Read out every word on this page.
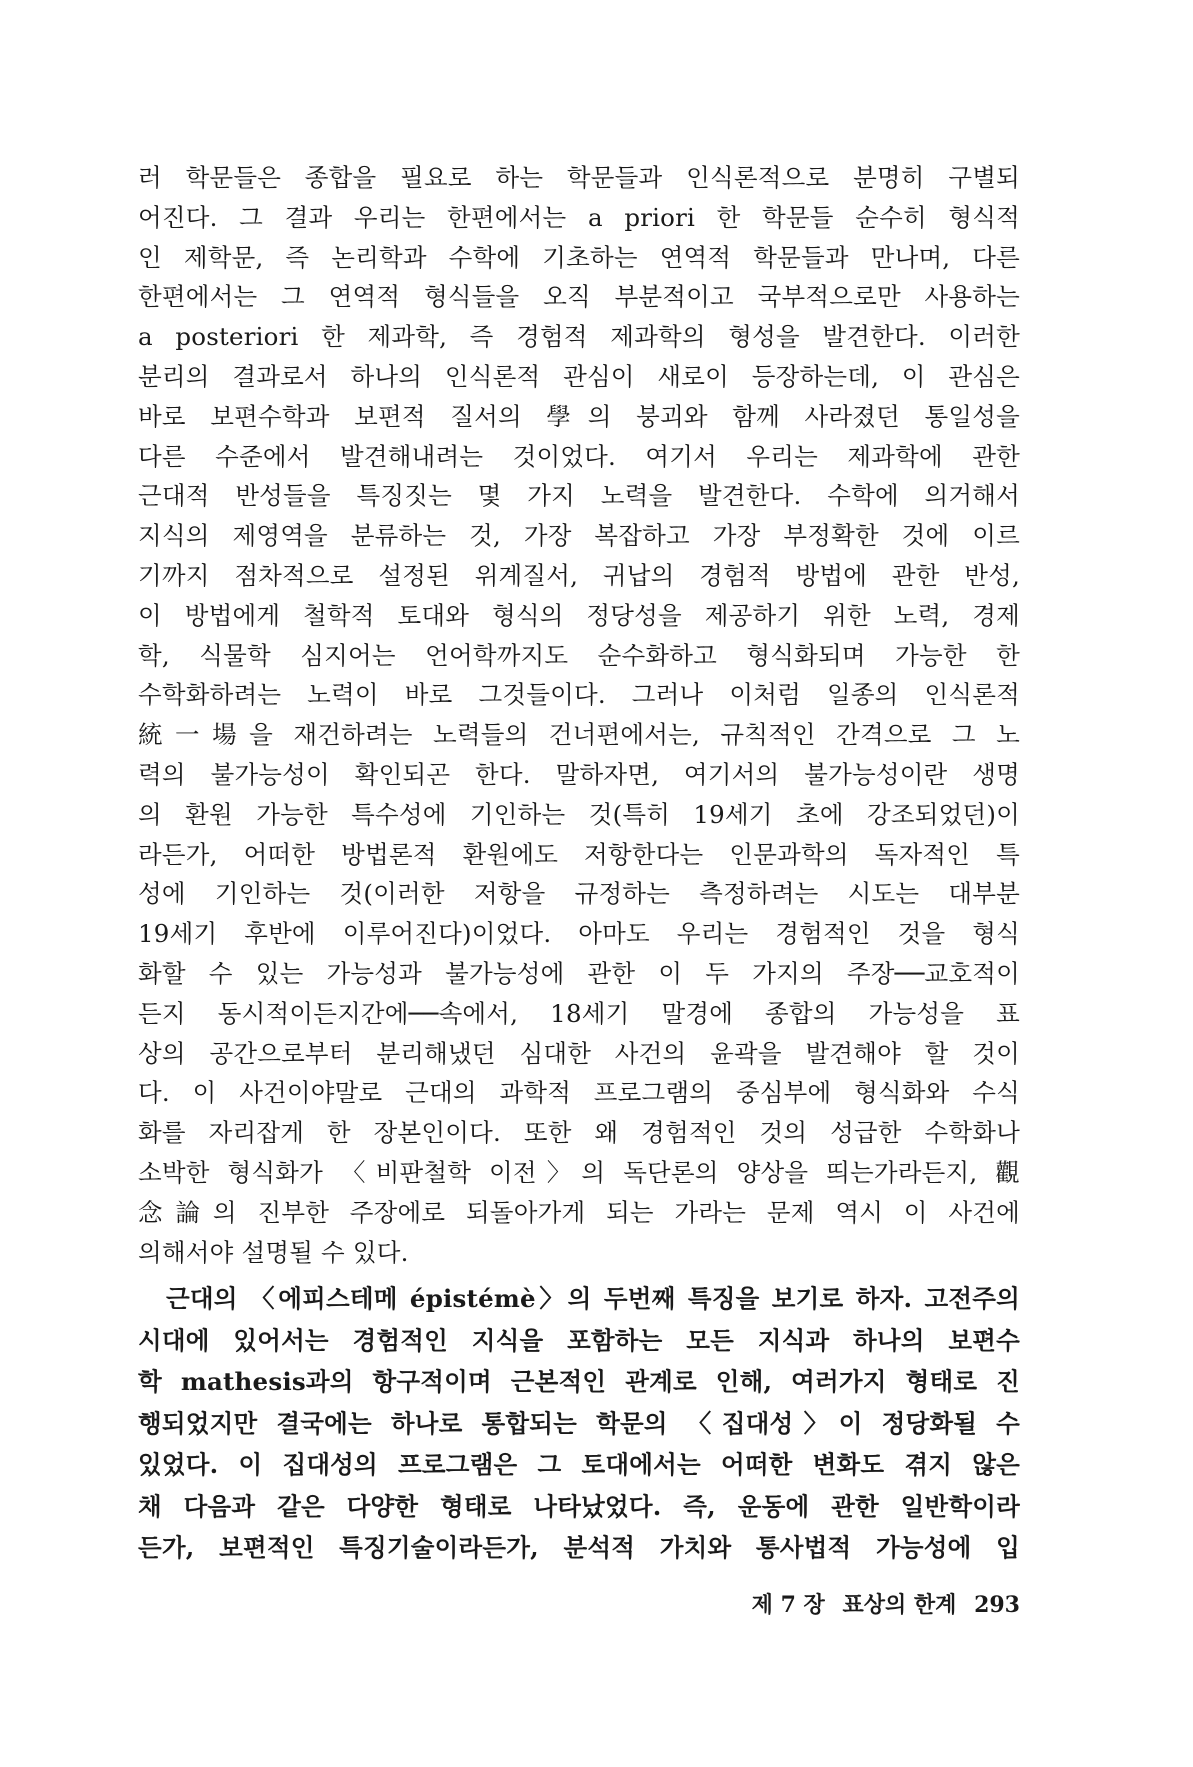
러 학문들은 종합을 필요로 하는 학문들과 인식론적으로 분명히 구별되
어진다. 그 결과 우리는 한편에서는 a priori 한 학문들 순수히 형식적
인 제학문, 즉 논리학과 수학에 기초하는 연역적 학문들과 만나며, 다른
한편에서는 그 연역적 형식들을 오직 부분적이고 국부적으로만 사용하는
a posteriori 한 제과학, 즉 경험적 제과학의 형성을 발견한다. 이러한
분리의 결과로서 하나의 인식론적 관심이 새로이 등장하는데, 이 관심은
바로 보편수학과 보편적 질서의 學의 붕괴와 함께 사라졌던 통일성을
다른 수준에서 발견해내려는 것이었다. 여기서 우리는 제과학에 관한
근대적 반성들을 특징짓는 몇 가지 노력을 발견한다. 수학에 의거해서
지식의 제영역을 분류하는 것, 가장 복잡하고 가장 부정확한 것에 이르
기까지 점차적으로 설정된 위계질서, 귀납의 경험적 방법에 관한 반성,
이 방법에게 철학적 토대와 형식의 정당성을 제공하기 위한 노력, 경제
학, 식물학 심지어는 언어학까지도 순수화하고 형식화되며 가능한 한
수학화하려는 노력이 바로 그것들이다. 그러나 이처럼 일종의 인식론적
統一場을 재건하려는 노력들의 건너편에서는, 규칙적인 간격으로 그 노
력의 불가능성이 확인되곤 한다. 말하자면, 여기서의 불가능성이란 생명
의 환원 가능한 특수성에 기인하는 것(특히 19세기 초에 강조되었던)이
라든가, 어떠한 방법론적 환원에도 저항한다는 인문과학의 독자적인 특
성에 기인하는 것(이러한 저항을 규정하는 측정하려는 시도는 대부분
19세기 후반에 이루어진다)이었다. 아마도 우리는 경험적인 것을 형식
화할 수 있는 가능성과 불가능성에 관한 이 두 가지의 주장──교호적이
든지 동시적이든지간에──속에서, 18세기 말경에 종합의 가능성을 표
상의 공간으로부터 분리해냈던 심대한 사건의 윤곽을 발견해야 할 것이
다. 이 사건이야말로 근대의 과학적 프로그램의 중심부에 형식화와 수식
화를 자리잡게 한 장본인이다. 또한 왜 경험적인 것의 성급한 수학화나
소박한 형식화가 〈비판철학 이전〉의 독단론의 양상을 띄는가라든지, 觀
念論의 진부한 주장에로 되돌아가게 되는 가라는 문제 역시 이 사건에
의해서야 설명될 수 있다.
근대의 〈에피스테메 épistémè〉의 두번째 특징을 보기로 하자. 고전주의
시대에 있어서는 경험적인 지식을 포함하는 모든 지식과 하나의 보편수
학 mathesis과의 항구적이며 근본적인 관계로 인해, 여러가지 형태로 진
행되었지만 결국에는 하나로 통합되는 학문의 〈집대성〉이 정당화될 수
있었다. 이 집대성의 프로그램은 그 토대에서는 어떠한 변화도 겪지 않은
채 다음과 같은 다양한 형태로 나타났었다. 즉, 운동에 관한 일반학이라
든가, 보편적인 특징기술이라든가, 분석적 가치와 통사법적 가능성에 입
제 7 장 표상의 한계 293
